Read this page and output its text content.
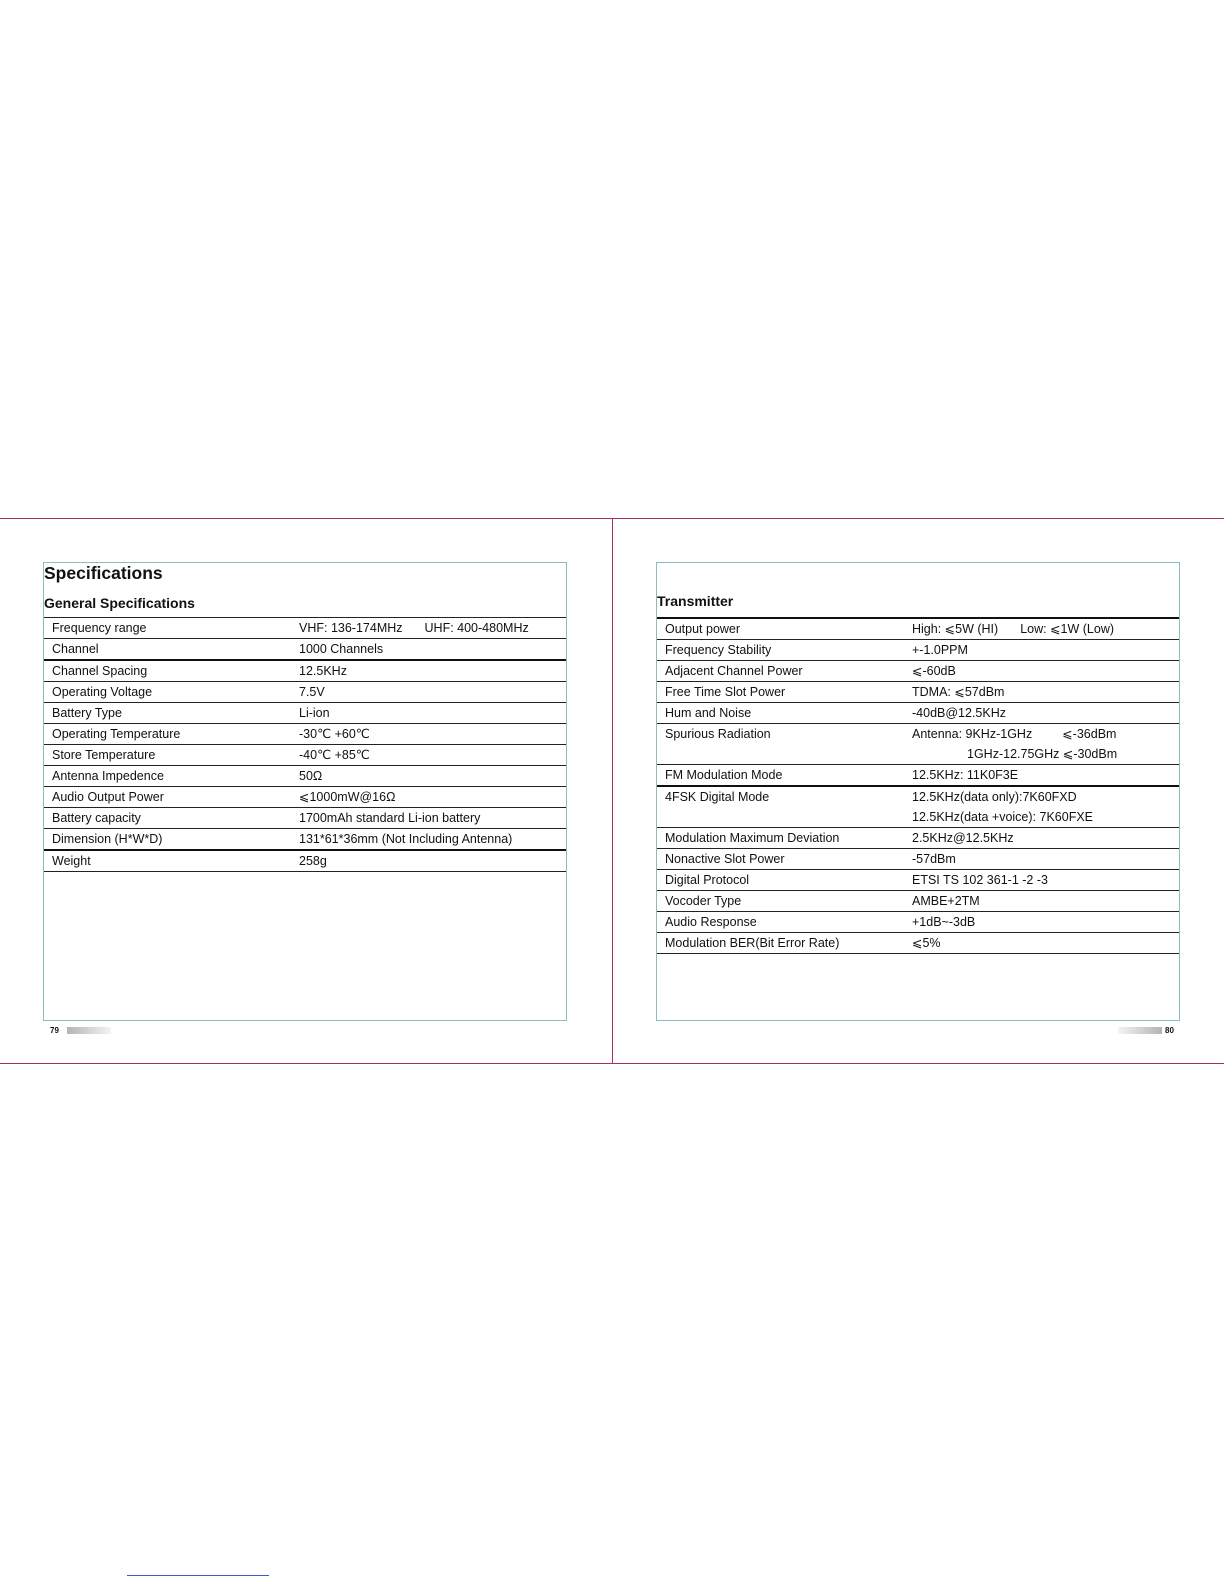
Specifications
General Specifications
Frequency range	VHF: 136-174MHz UHF: 400-480MHz
Channel	1000 Channels
Channel Spacing	12.5KHz
Operating Voltage	7.5V
Battery Type	Li-ion
Operating Temperature	-30℃ +60℃
Store Temperature	-40℃ +85℃
Antenna Impedence	50Ω
Audio Output Power	⩽1000mW@16Ω
Battery capacity	1700mAh standard Li-ion battery
Dimension (H*W*D)	131*61*36mm (Not Including Antenna)
Weight	258g
79
Transmitter
Output power	High: ⩽5W (HI) Low: ⩽1W (Low)
Frequency Stability	+-1.0PPM
Adjacent Channel Power	⩽-60dB
Free Time Slot Power	TDMA: ⩽57dBm
Hum and Noise	-40dB@12.5KHz
Spurious Radiation	Antenna: 9KHz-1GHz ⩽-36dBm
1GHz-12.75GHz ⩽-30dBm

FM Modulation Mode	12.5KHz: 11K0F3E
4FSK Digital Mode	12.5KHz(data only):7K60FXD
12.5KHz(data +voice): 7K60FXE

Modulation Maximum Deviation	2.5KHz@12.5KHz
Nonactive Slot Power	-57dBm
Digital Protocol	ETSI TS 102 361-1 -2 -3
Vocoder Type	AMBE+2TM
Audio Response	+1dB~-3dB
Modulation BER(Bit Error Rate)	⩽5%
80
